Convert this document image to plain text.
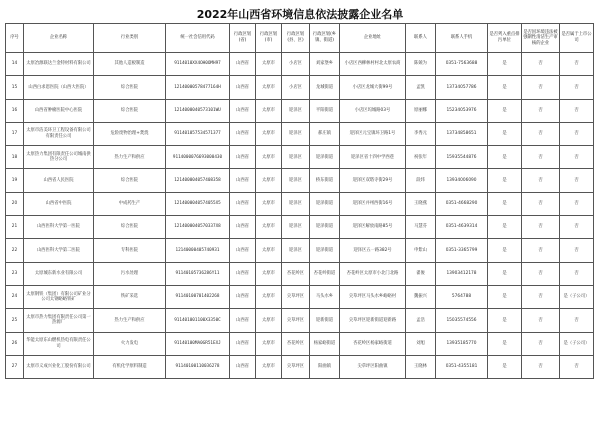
2022年山西省环境信息依法披露企业名单
序号	企业名称	行业类别	统一社会信用代码	行政区划(省)	行政区划(市)	行政区划(县、区)	行政区划(乡镇、街道)	企业地址	联系人	联系人手机	是否列入重点排污单位	是否因环境违法被强制性清洁生产审核的企业	是否属于上市公司
14	太原冶源联达兰金特材料有限公司	其他人造板制造	9114010XX4OH0OMH97	山西省	太原市	小店区	刘家堡乡	小店区西柳林村村北太原农商	陈兢为	0351-7563688	是	否	否
15	山西白求恩医院（山西大医院）	综合医院	12140000578477164H	山西省	太原市	小店区	龙城街道	小店区龙城大街99号	孟凯	13734057786	是	否	否
16	山西省肿瘤医院中心医院	综合医院	1214000040573101WU	山西省	太原市	迎泽区	平阳街道	小店区坞城路03号	原丽娜	15234053976	是	否	否
17	太原市洁美环卫工程设备有限公司有限责任公司	危险废物治理+焚烧	911401057534571377	山西省	太原市	迎泽区	郝庄镇	迎泽区元宝镇环卫路1号	李秀元	13734858651	是	否	否
18	太原热力集团有限责任公司城南供热分公司	热力生产和供应	9114000076693000430	山西省	太原市	迎泽区	迎泽街道	迎泽区省十四中学西巷	祝张年	15935544876	是	否	否
19	山西省人民医院	综合医院	121400004057408358	山西省	太原市	迎泽区	桥东街道	迎泽区双塔寺街29号	段炜	13934006090	是	否	否
20	山西省中医院	中成药生产	1214000040574055X5	山西省	太原市	迎泽区	迎泽街道	迎泽区并州西街16号	王晓燕	0351-4668290	是	否	否
21	山西医科大学第一医院	综合医院	1214000040570337X8	山西省	太原市	迎泽区	迎泽街道	迎泽区解放南路85号	马慧芬	0351-4639314	是	否	否
22	山西医科大学第二医院	专科医院	12140000405740931	山西省	太原市	迎泽区	迎泽街道	迎泽区五一路382号	申紫山	0351-3365799	是	否	否
23	太原城东新水业有限公司	污水处理	91140105736286Y11	山西省	太原市	杏花岭区	杏花岭街道	杏花岭区太原市小北门北路	翟俊	13903412178	是	否	否
24	太原钢铁（集团）有限公司矿业分公司太钢峪峪铁矿	铁矿采选	91140100701402268	山西省	太原市	尖草坪区	马头水乡	尖草坪区马头水乡峪峪村	魏振兴	5764788	是	否	是（子公司）
25	太原市热力集团有限责任公司第一热源厂	热力生产和供应	911401001100X3350C	山西省	太原市	尖草坪区	迎新街道	尖草坪区迎新街道迎新路	孟浩	15035574556	是	否	否
26	华能太原东山燃机热电有限责任公司	火力发电	91140100MA0GR51EXJ	山西省	太原市	杏花岭区	杨家峪街道	杏花岭区杨家峪街道	刘旭	13935185770	是	否	是（子公司）
27	太原市义成兴业化工股份有限公司	有机化学原料制造	91140100110036278	山西省	太原市	尖草坪区	阳曲镇	尖草坪区阳曲镇	王晓林	0351-4355181	是	否	否
